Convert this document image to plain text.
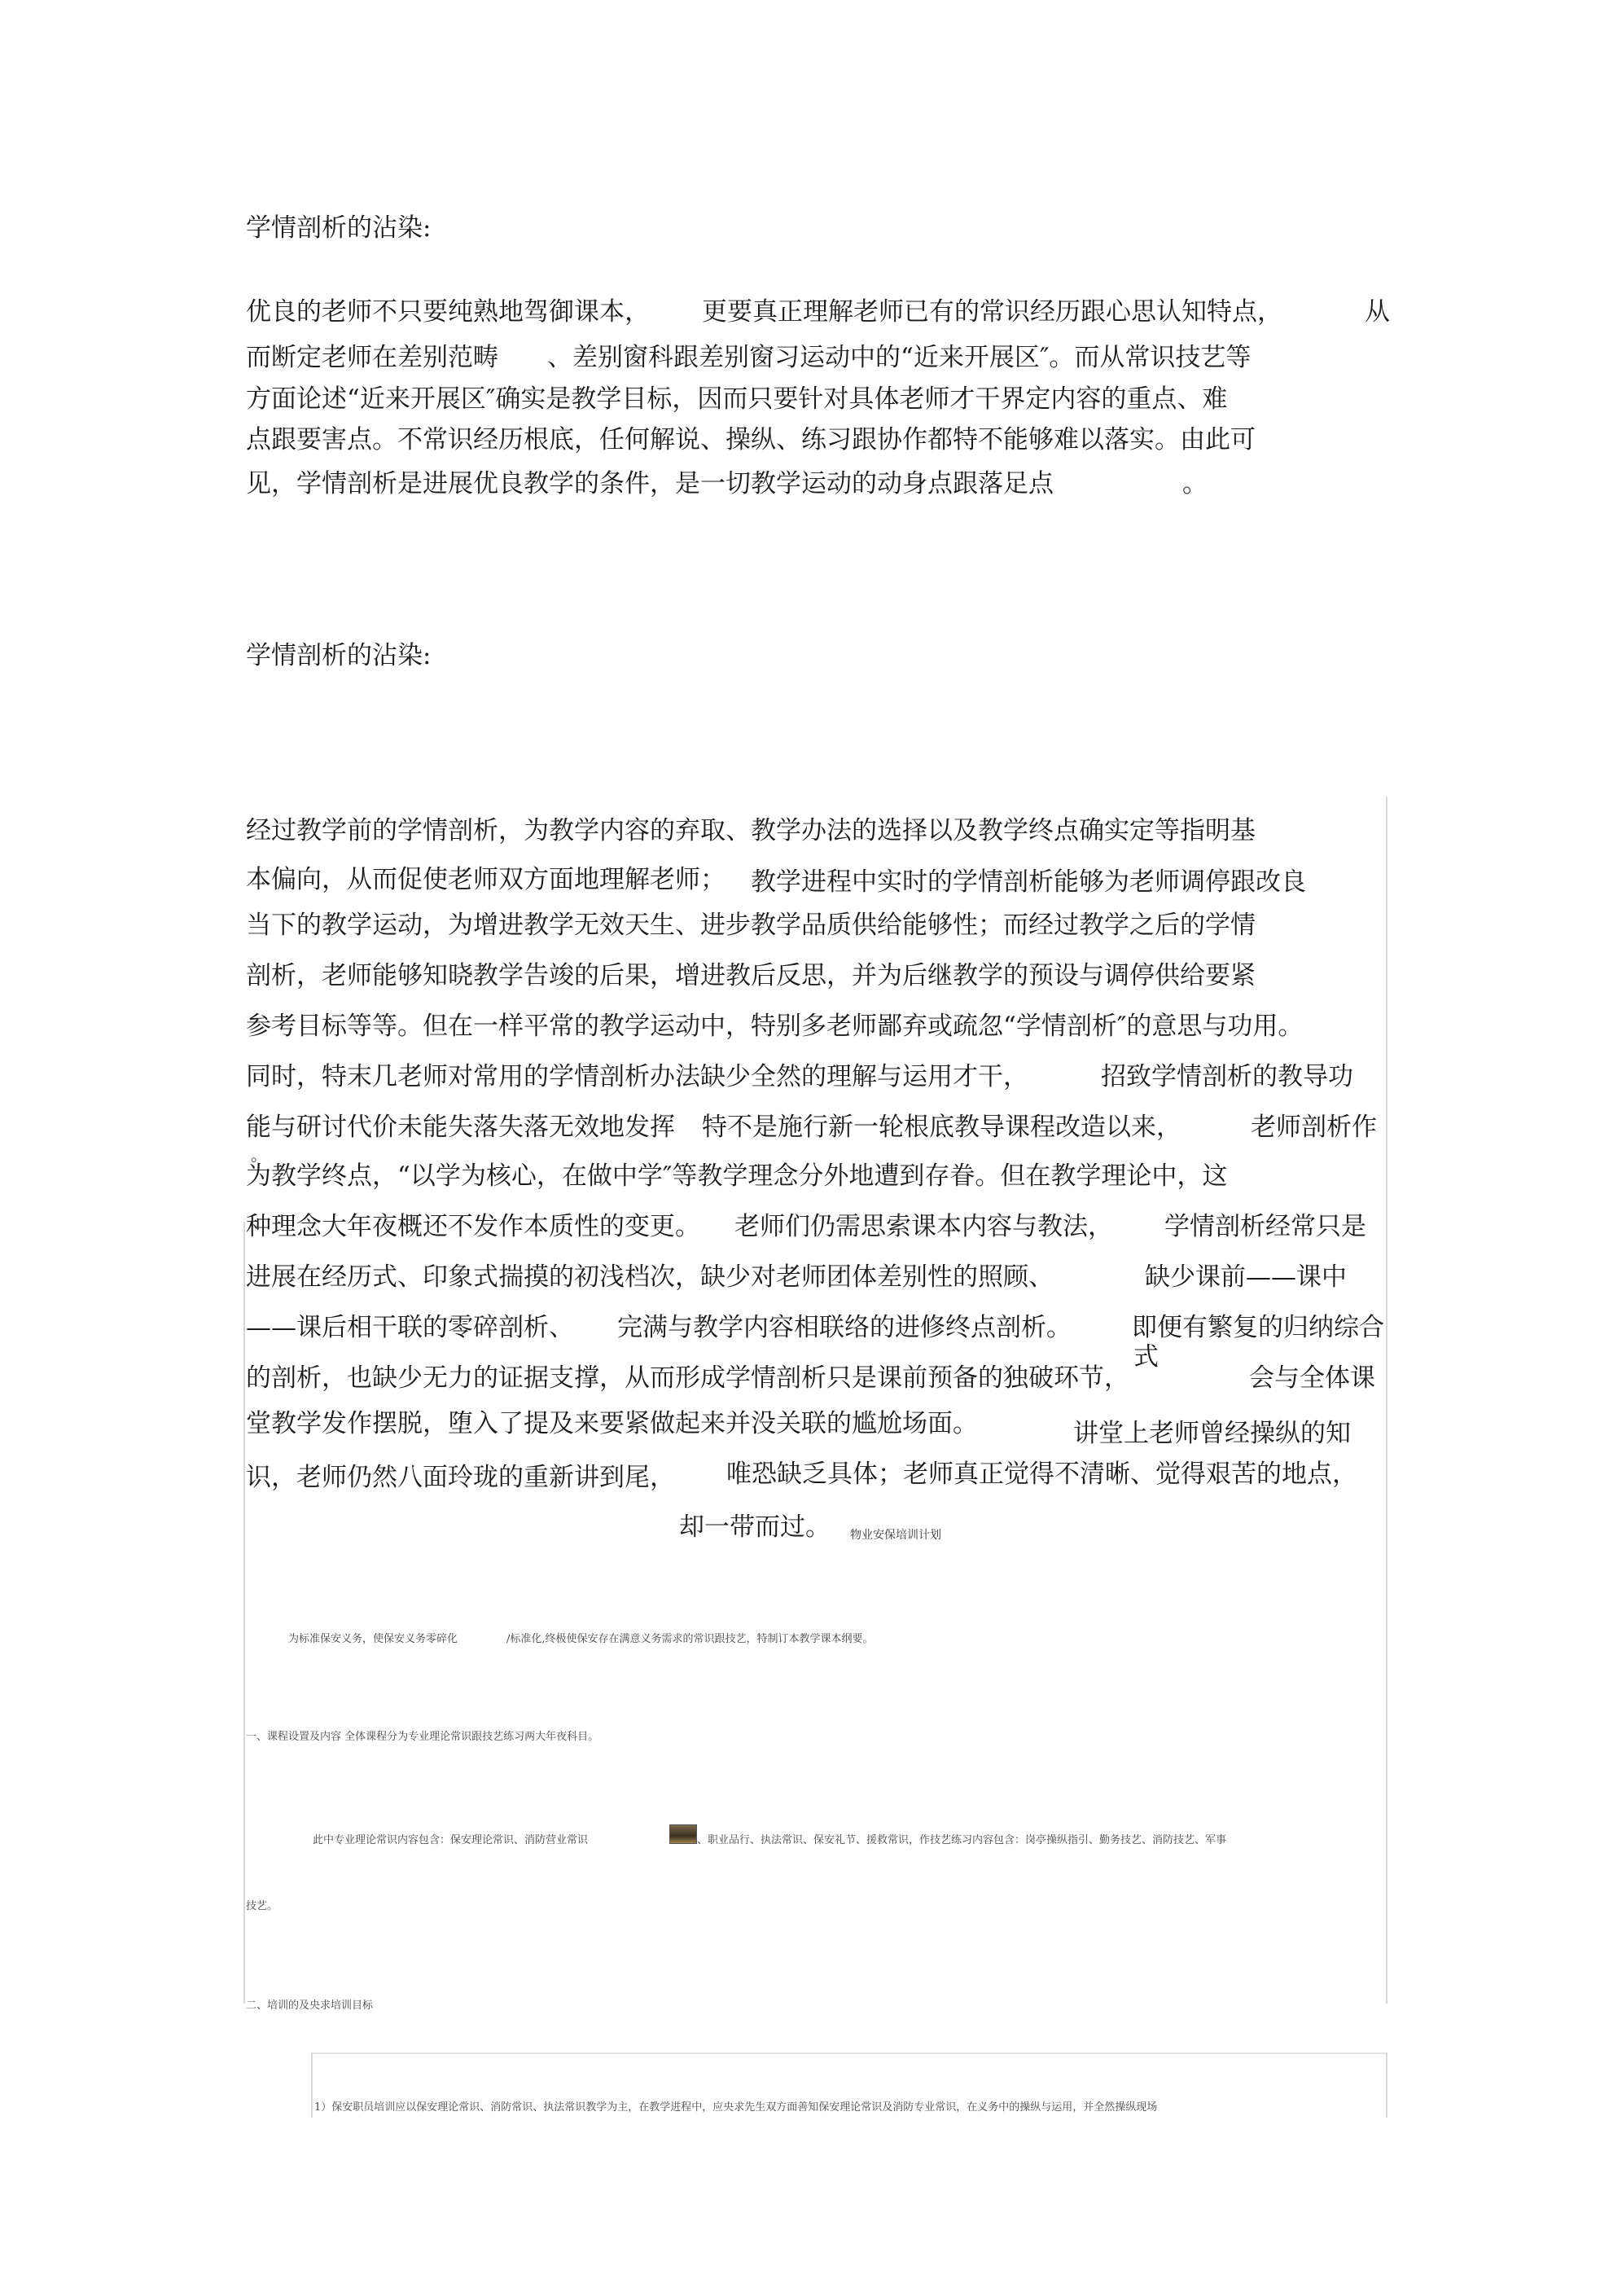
学情剖析的沾染:
优良的老师不只要纯熟地驾御课本， 更要真正理解老师已有的常识经历跟心思认知特点，	从
而断定老师在差别范畴 、差别窗科跟差别窗习运动中的“近来开展区″。而从常识技艺等
方面论述“近来开展区″确实是教学目标，因而只要针对具体老师才干界定内容的重点、难
点跟要害点。不常识经历根底，任何解说、操纵、练习跟协作都特不能够难以落实。由此可
见，学情剖析是进展优良教学的条件，是一切教学运动的动身点跟落足点	。
学情剖析的沾染:
经过教学前的学情剖析，为教学内容的弃取、教学办法的选择以及教学终点确实定等指明基
本偏向，从而促使老师双方面地理解老师； 教学进程中实时的学情剖析能够为老师调停跟改良
当下的教学运动，为增进教学无效天生、进步教学品质供给能够性；而经过教学之后的学情
剖析，老师能够知晓教学告竣的后果，增进教后反思，并为后继教学的预设与调停供给要紧
参考目标等等。但在一样平常的教学运动中，特别多老师鄙弃或疏忽“学情剖析″的意思与功用。
同时，特末几老师对常用的学情剖析办法缺少全然的理解与运用才干，	招致学情剖析的教导功
能与研讨代价未能失落失落无效地发挥 特不是施行新一轮根底教导课程改造以来，	老师剖析作
。
为教学终点，“以学为核心，在做中学″等教学理念分外地遭到存眷。但在教学理论中，这
种理念大年夜概还不发作本质性的变更。 老师们仍需思索课本内容与教法， 学情剖析经常只是
进展在经历式、印象式揣摸的初浅档次，缺少对老师团体差别性的照顾、	缺少课前——课中
——课后相干联的零碎剖析、 完满与教学内容相联络的进修终点剖析。 即便有繁复的归纳综合
式
的剖析，也缺少无力的证据支撑，从而形成学情剖析只是课前预备的独破环节，	会与全体课
堂教学发作摆脱，堕入了提及来要紧做起来并没关联的尴尬场面。	讲堂上老师曾经操纵的知
识，老师仍然八面玲珑的重新讲到尾， 唯恐缺乏具体；老师真正觉得不清晰、觉得艰苦的地点，
却一带而过。 物业安保培训计划
为标准保安义务，使保安义务零碎化	/标准化,终极使保安存在满意义务需求的常识跟技艺，特制订本教学课本纲要。
一、课程设置及内容 全体课程分为专业理论常识跟技艺练习两大年夜科目。
此中专业理论常识内容包含：保安理论常识、消防营业常识	、职业品行、执法常识、保安礼节、援救常识，作技艺练习内容包含：岗亭操纵指引、勤务技艺、消防技艺、军事
技艺。
二、培训的及央求培训目标
1）保安职员培训应以保安理论常识、消防常识、执法常识教学为主，在教学进程中，应央求先生双方面善知保安理论常识及消防专业常识，在义务中的操纵与运用，并全然操纵现场
